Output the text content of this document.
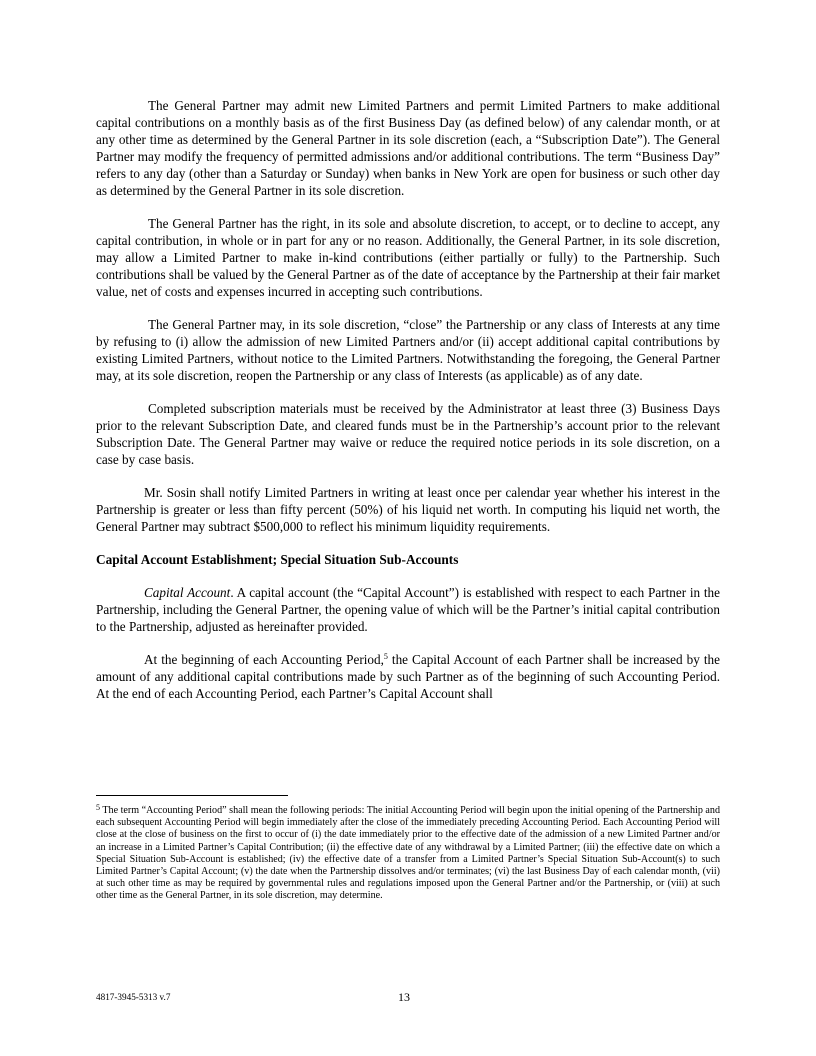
The General Partner may admit new Limited Partners and permit Limited Partners to make additional capital contributions on a monthly basis as of the first Business Day (as defined below) of any calendar month, or at any other time as determined by the General Partner in its sole discretion (each, a “Subscription Date”). The General Partner may modify the frequency of permitted admissions and/or additional contributions. The term “Business Day” refers to any day (other than a Saturday or Sunday) when banks in New York are open for business or such other day as determined by the General Partner in its sole discretion.

The General Partner has the right, in its sole and absolute discretion, to accept, or to decline to accept, any capital contribution, in whole or in part for any or no reason. Additionally, the General Partner, in its sole discretion, may allow a Limited Partner to make in-kind contributions (either partially or fully) to the Partnership. Such contributions shall be valued by the General Partner as of the date of acceptance by the Partnership at their fair market value, net of costs and expenses incurred in accepting such contributions.

The General Partner may, in its sole discretion, “close” the Partnership or any class of Interests at any time by refusing to (i) allow the admission of new Limited Partners and/or (ii) accept additional capital contributions by existing Limited Partners, without notice to the Limited Partners. Notwithstanding the foregoing, the General Partner may, at its sole discretion, reopen the Partnership or any class of Interests (as applicable) as of any date.

Completed subscription materials must be received by the Administrator at least three (3) Business Days prior to the relevant Subscription Date, and cleared funds must be in the Partnership’s account prior to the relevant Subscription Date. The General Partner may waive or reduce the required notice periods in its sole discretion, on a case by case basis.

Mr. Sosin shall notify Limited Partners in writing at least once per calendar year whether his interest in the Partnership is greater or less than fifty percent (50%) of his liquid net worth. In computing his liquid net worth, the General Partner may subtract $500,000 to reflect his minimum liquidity requirements.

Capital Account Establishment; Special Situation Sub-Accounts

Capital Account. A capital account (the “Capital Account”) is established with respect to each Partner in the Partnership, including the General Partner, the opening value of which will be the Partner’s initial capital contribution to the Partnership, adjusted as hereinafter provided.

At the beginning of each Accounting Period,$^5$ the Capital Account of each Partner shall be increased by the amount of any additional capital contributions made by such Partner as of the beginning of such Accounting Period. At the end of each Accounting Period, each Partner’s Capital Account shall

$^5$ The term “Accounting Period” shall mean the following periods: The initial Accounting Period will begin upon the initial opening of the Partnership and each subsequent Accounting Period will begin immediately after the close of the immediately preceding Accounting Period. Each Accounting Period will close at the close of business on the first to occur of (i) the date immediately prior to the effective date of the admission of a new Limited Partner and/or an increase in a Limited Partner’s Capital Contribution; (ii) the effective date of any withdrawal by a Limited Partner; (iii) the effective date on which a Special Situation Sub-Account is established; (iv) the effective date of a transfer from a Limited Partner’s Special Situation Sub-Account(s) to such Limited Partner’s Capital Account; (v) the date when the Partnership dissolves and/or terminates; (vi) the last Business Day of each calendar month, (vii) at such other time as may be required by governmental rules and regulations imposed upon the General Partner and/or the Partnership, or (viii) at such other time as the General Partner, in its sole discretion, may determine.
4817-3945-5313 v.7	13
